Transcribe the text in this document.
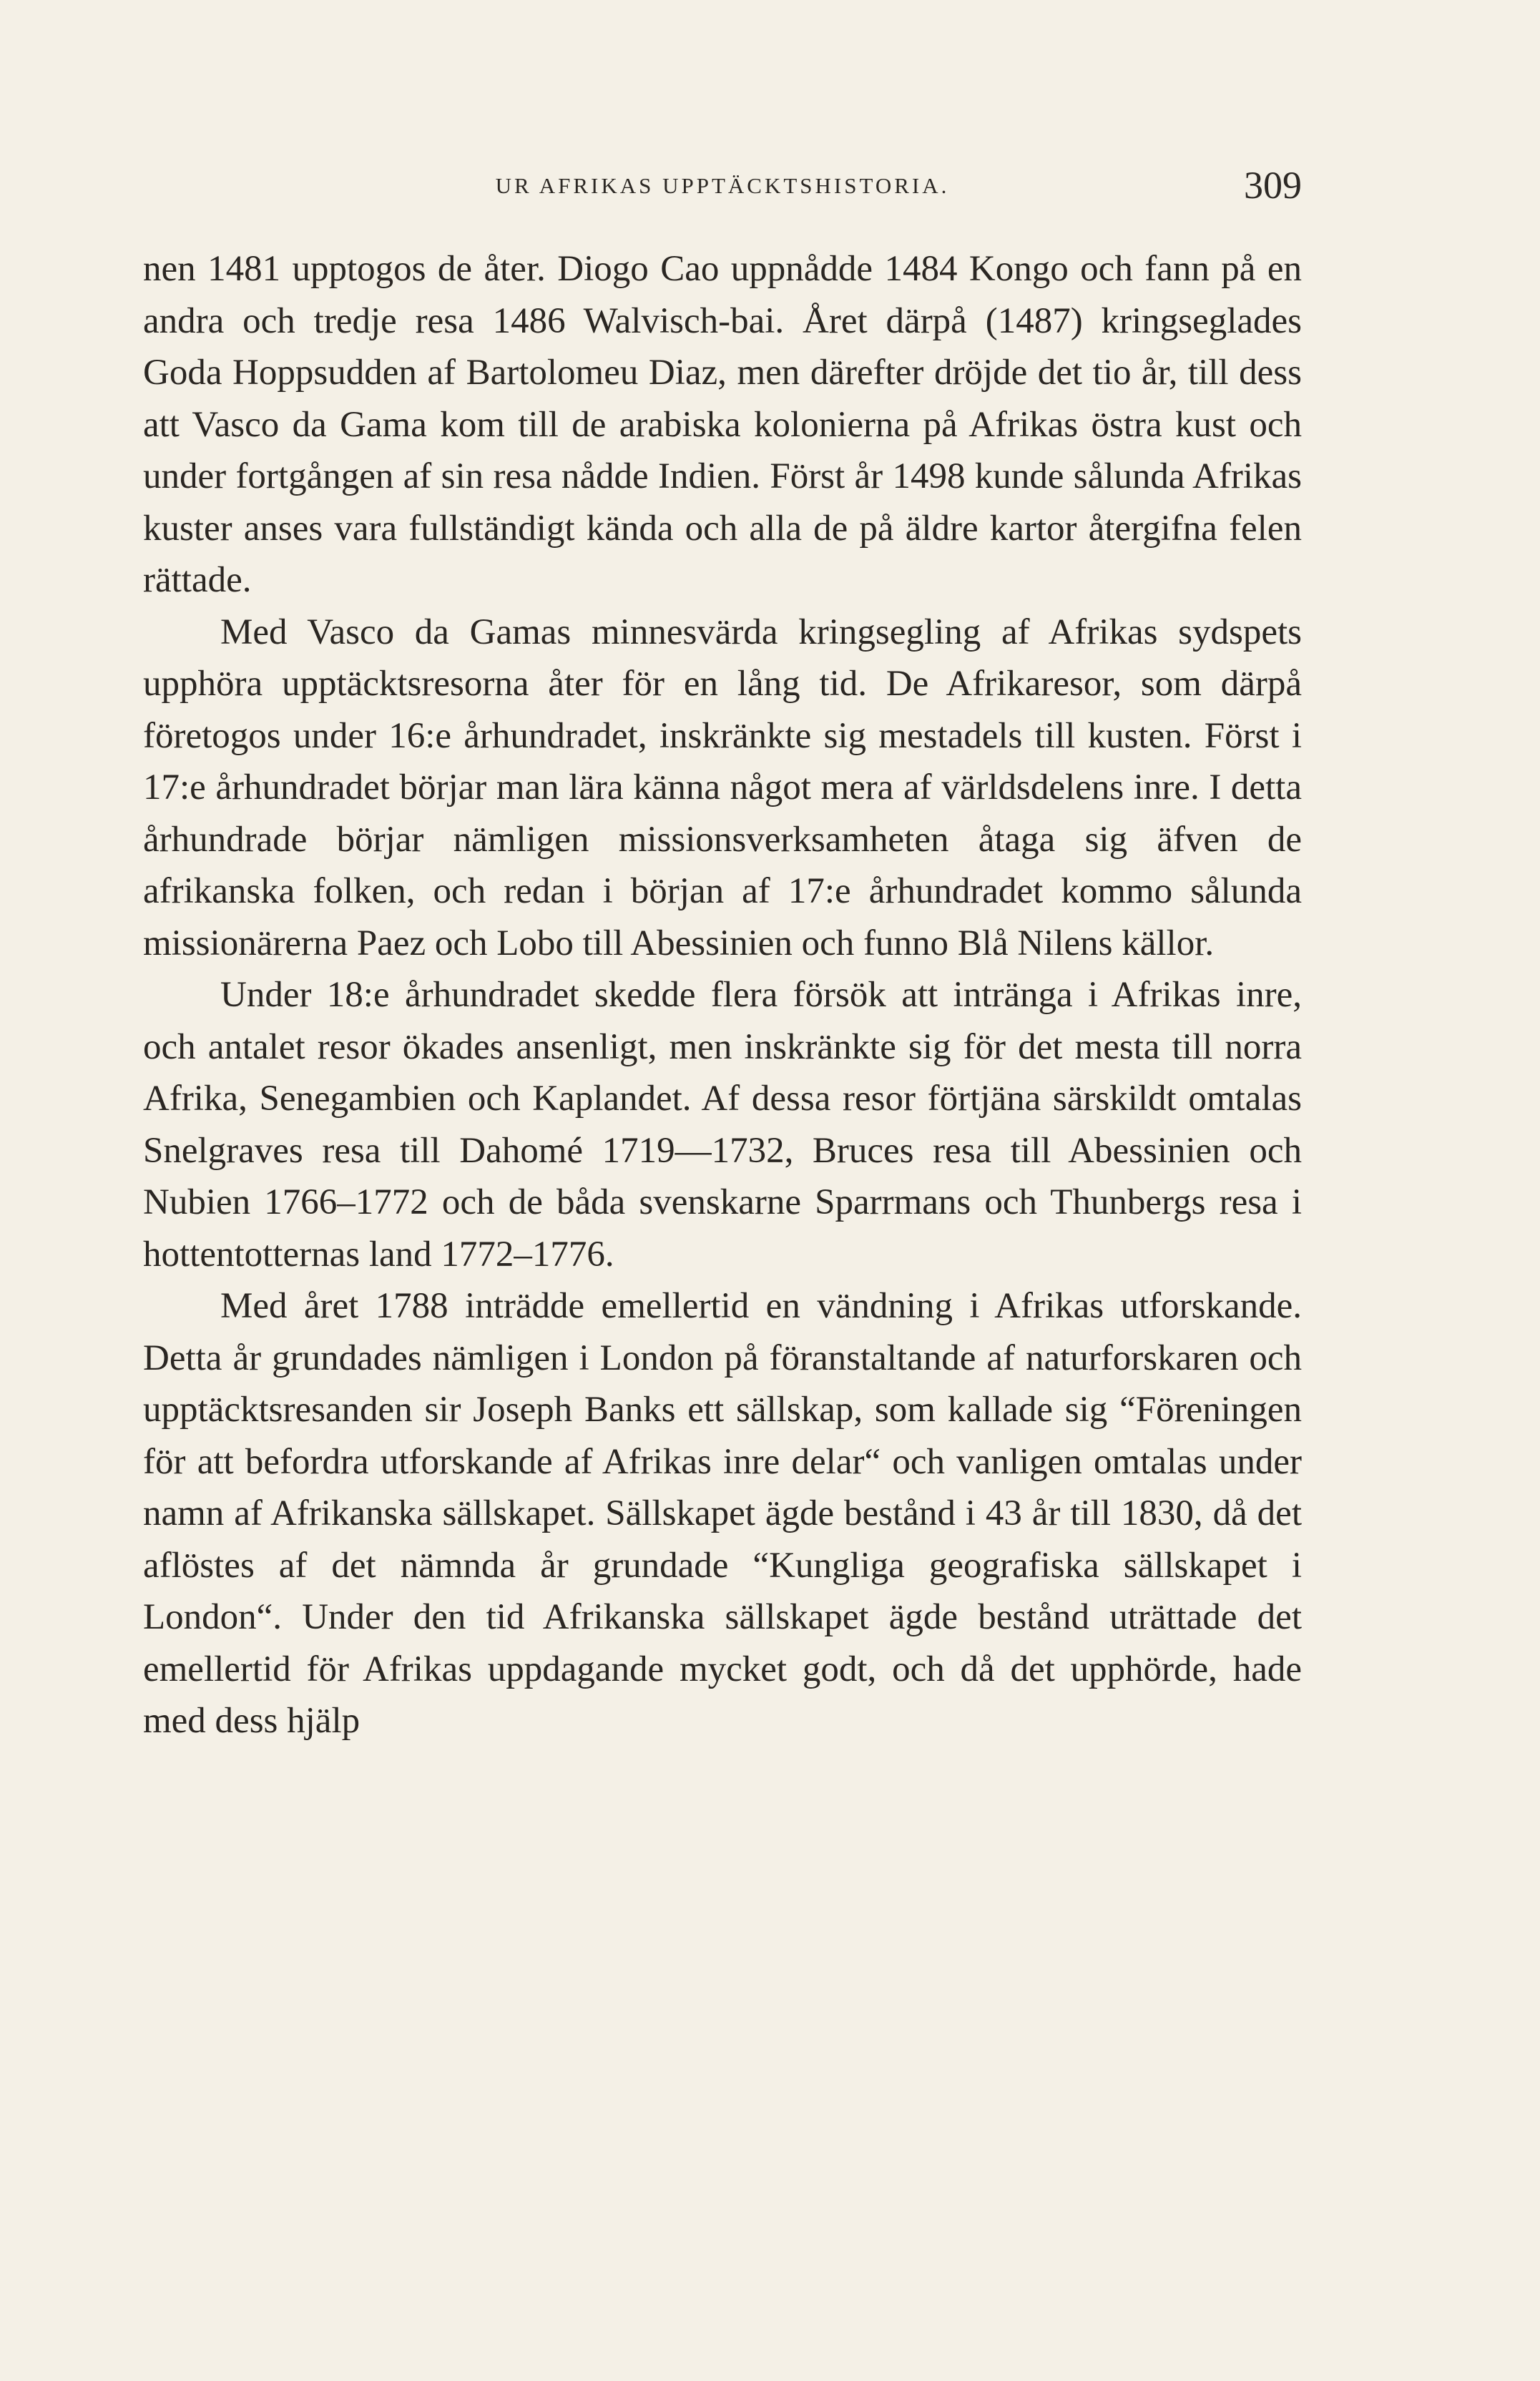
UR AFRIKAS UPPTÄCKTSHISTORIA.	309

nen 1481 upptogos de åter. Diogo Cao uppnådde 1484 Kongo och fann på en andra och tredje resa 1486 Walvisch-bai. Året därpå (1487) kringseglades Goda Hoppsudden af Bartolomeu Diaz, men därefter dröjde det tio år, till dess att Vasco da Gama kom till de arabiska kolonierna på Afrikas östra kust och under fortgången af sin resa nådde Indien. Först år 1498 kunde sålunda Afrikas kuster anses vara fullständigt kända och alla de på äldre kartor återgifna felen rättade.

Med Vasco da Gamas minnesvärda kringsegling af Afrikas sydspets upphöra upptäcktsresorna åter för en lång tid. De Afrikaresor, som därpå företogos under 16:e århundradet, inskränkte sig mestadels till kusten. Först i 17:e århundradet börjar man lära känna något mera af världsdelens inre. I detta århundrade börjar nämligen missionsverksamheten åtaga sig äfven de afrikanska folken, och redan i början af 17:e århundradet kommo sålunda missionärerna Paez och Lobo till Abessinien och funno Blå Nilens källor.

Under 18:e århundradet skedde flera försök att intränga i Afrikas inre, och antalet resor ökades ansenligt, men inskränkte sig för det mesta till norra Afrika, Senegambien och Kaplandet. Af dessa resor förtjäna särskildt omtalas Snelgraves resa till Dahomé 1719—1732, Bruces resa till Abessinien och Nubien 1766–1772 och de båda svenskarne Sparrmans och Thunbergs resa i hottentotternas land 1772–1776.

Med året 1788 inträdde emellertid en vändning i Afrikas utforskande. Detta år grundades nämligen i London på föranstaltande af naturforskaren och upptäcktsresanden sir Joseph Banks ett sällskap, som kallade sig “Föreningen för att befordra utforskande af Afrikas inre delar“ och vanligen omtalas under namn af Afrikanska sällskapet. Sällskapet ägde bestånd i 43 år till 1830, då det aflöstes af det nämnda år grundade “Kungliga geografiska sällskapet i London“. Under den tid Afrikanska sällskapet ägde bestånd uträttade det emellertid för Afrikas uppdagande mycket godt, och då det upphörde, hade med dess hjälp
